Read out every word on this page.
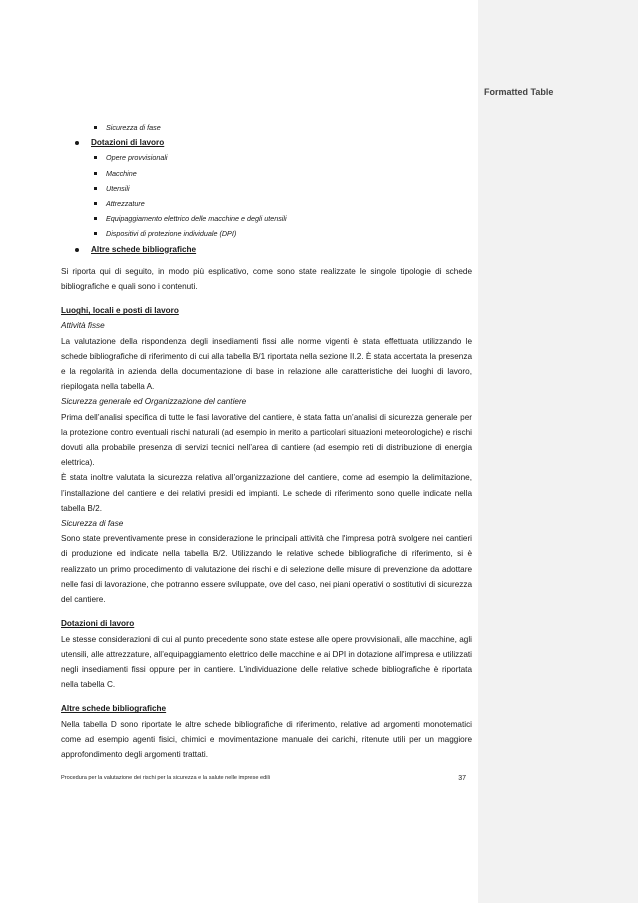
Formatted Table
Sicurezza di fase
Dotazioni di lavoro
Opere provvisionali
Macchine
Utensili
Attrezzature
Equipaggiamento elettrico delle macchine e degli utensili
Dispositivi di protezione individuale (DPI)
Altre schede bibliografiche

Si riporta qui di seguito, in modo più esplicativo, come sono state realizzate le singole tipologie di schede bibliografiche e quali sono i contenuti.

Luoghi, locali e posti di lavoro
Attività fisse

La valutazione della rispondenza degli insediamenti fissi alle norme vigenti è stata effettuata utilizzando le schede bibliografiche di riferimento di cui alla tabella B/1 riportata nella sezione II.2. È stata accertata la presenza e la regolarità in azienda della documentazione di base in relazione alle caratteristiche dei luoghi di lavoro, riepilogata nella tabella A.

Sicurezza generale ed Organizzazione del cantiere

Prima dell’analisi specifica di tutte le fasi lavorative del cantiere, è stata fatta un’analisi di sicurezza generale per la protezione contro eventuali rischi naturali (ad esempio in merito a particolari situazioni meteorologiche) e rischi dovuti alla probabile presenza di servizi tecnici nell’area di cantiere (ad esempio reti di distribuzione di energia elettrica).

È stata inoltre valutata la sicurezza relativa all’organizzazione del cantiere, come ad esempio la delimitazione, l’installazione del cantiere e dei relativi presidi ed impianti. Le schede di riferimento sono quelle indicate nella tabella B/2.

Sicurezza di fase

Sono state preventivamente prese in considerazione le principali attività che l'impresa potrà svolgere nei cantieri di produzione ed indicate nella tabella B/2. Utilizzando le relative schede bibliografiche di riferimento, si è realizzato un primo procedimento di valutazione dei rischi e di selezione delle misure di prevenzione da adottare nelle fasi di lavorazione, che potranno essere sviluppate, ove del caso, nei piani operativi o sostitutivi di sicurezza del cantiere.

Dotazioni di lavoro

Le stesse considerazioni di cui al punto precedente sono state estese alle opere provvisionali, alle macchine, agli utensili, alle attrezzature, all’equipaggiamento elettrico delle macchine e ai DPI in dotazione all'impresa e utilizzati negli insediamenti fissi oppure per in cantiere. L'individuazione delle relative schede bibliografiche è riportata nella tabella C.

Altre schede bibliografiche

Nella tabella D sono riportate le altre schede bibliografiche di riferimento, relative ad argomenti monotematici come ad esempio agenti fisici, chimici e movimentazione manuale dei carichi, ritenute utili per un maggiore approfondimento degli argomenti trattati.

Procedura per la valutazione dei rischi per la sicurezza e la salute nelle imprese edili	37
